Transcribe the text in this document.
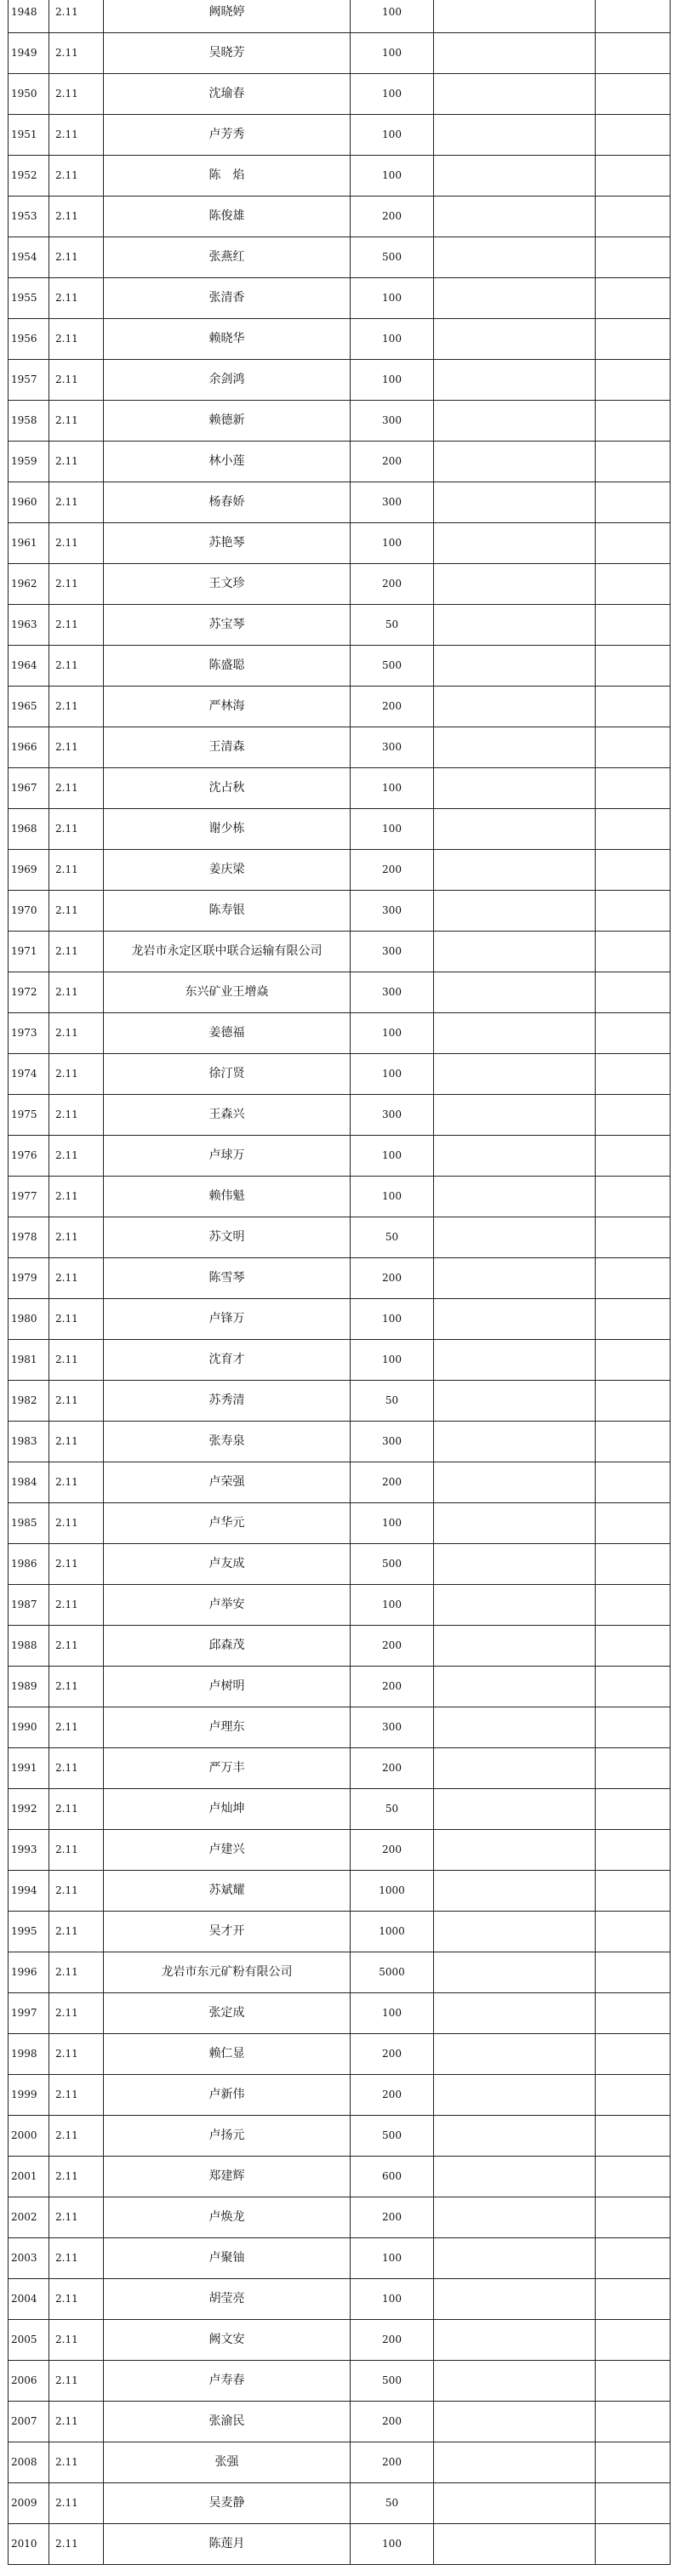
1948	2.11	阙晓婷	100		
1949	2.11	吴晓芳	100		
1950	2.11	沈瑜春	100		
1951	2.11	卢芳秀	100		
1952	2.11	陈　焰	100		
1953	2.11	陈俊雄	200		
1954	2.11	张燕红	500		
1955	2.11	张清香	100		
1956	2.11	赖晓华	100		
1957	2.11	余剑鸿	100		
1958	2.11	赖德新	300		
1959	2.11	林小莲	200		
1960	2.11	杨春娇	300		
1961	2.11	苏艳琴	100		
1962	2.11	王文珍	200		
1963	2.11	苏宝琴	50		
1964	2.11	陈盛聪	500		
1965	2.11	严林海	200		
1966	2.11	王清森	300		
1967	2.11	沈占秋	100		
1968	2.11	谢少栋	100		
1969	2.11	姜庆梁	200		
1970	2.11	陈寿银	300		
1971	2.11	龙岩市永定区联中联合运输有限公司	300		
1972	2.11	东兴矿业王增焱	300		
1973	2.11	姜德福	100		
1974	2.11	徐汀贤	100		
1975	2.11	王森兴	300		
1976	2.11	卢球万	100		
1977	2.11	赖伟魁	100		
1978	2.11	苏文明	50		
1979	2.11	陈雪琴	200		
1980	2.11	卢锋万	100		
1981	2.11	沈育才	100		
1982	2.11	苏秀清	50		
1983	2.11	张寿泉	300		
1984	2.11	卢荣强	200		
1985	2.11	卢华元	100		
1986	2.11	卢友成	500		
1987	2.11	卢举安	100		
1988	2.11	邱森茂	200		
1989	2.11	卢树明	200		
1990	2.11	卢理东	300		
1991	2.11	严万丰	200		
1992	2.11	卢灿坤	50		
1993	2.11	卢建兴	200		
1994	2.11	苏斌耀	1000		
1995	2.11	吴才开	1000		
1996	2.11	龙岩市东元矿粉有限公司	5000		
1997	2.11	张定成	100		
1998	2.11	赖仁显	200		
1999	2.11	卢新伟	200		
2000	2.11	卢扬元	500		
2001	2.11	郑建辉	600		
2002	2.11	卢焕龙	200		
2003	2.11	卢聚铀	100		
2004	2.11	胡莹亮	100		
2005	2.11	阙文安	200		
2006	2.11	卢寿春	500		
2007	2.11	张渝民	200		
2008	2.11	张强	200		
2009	2.11	吴麦静	50		
2010	2.11	陈莲月	100		
